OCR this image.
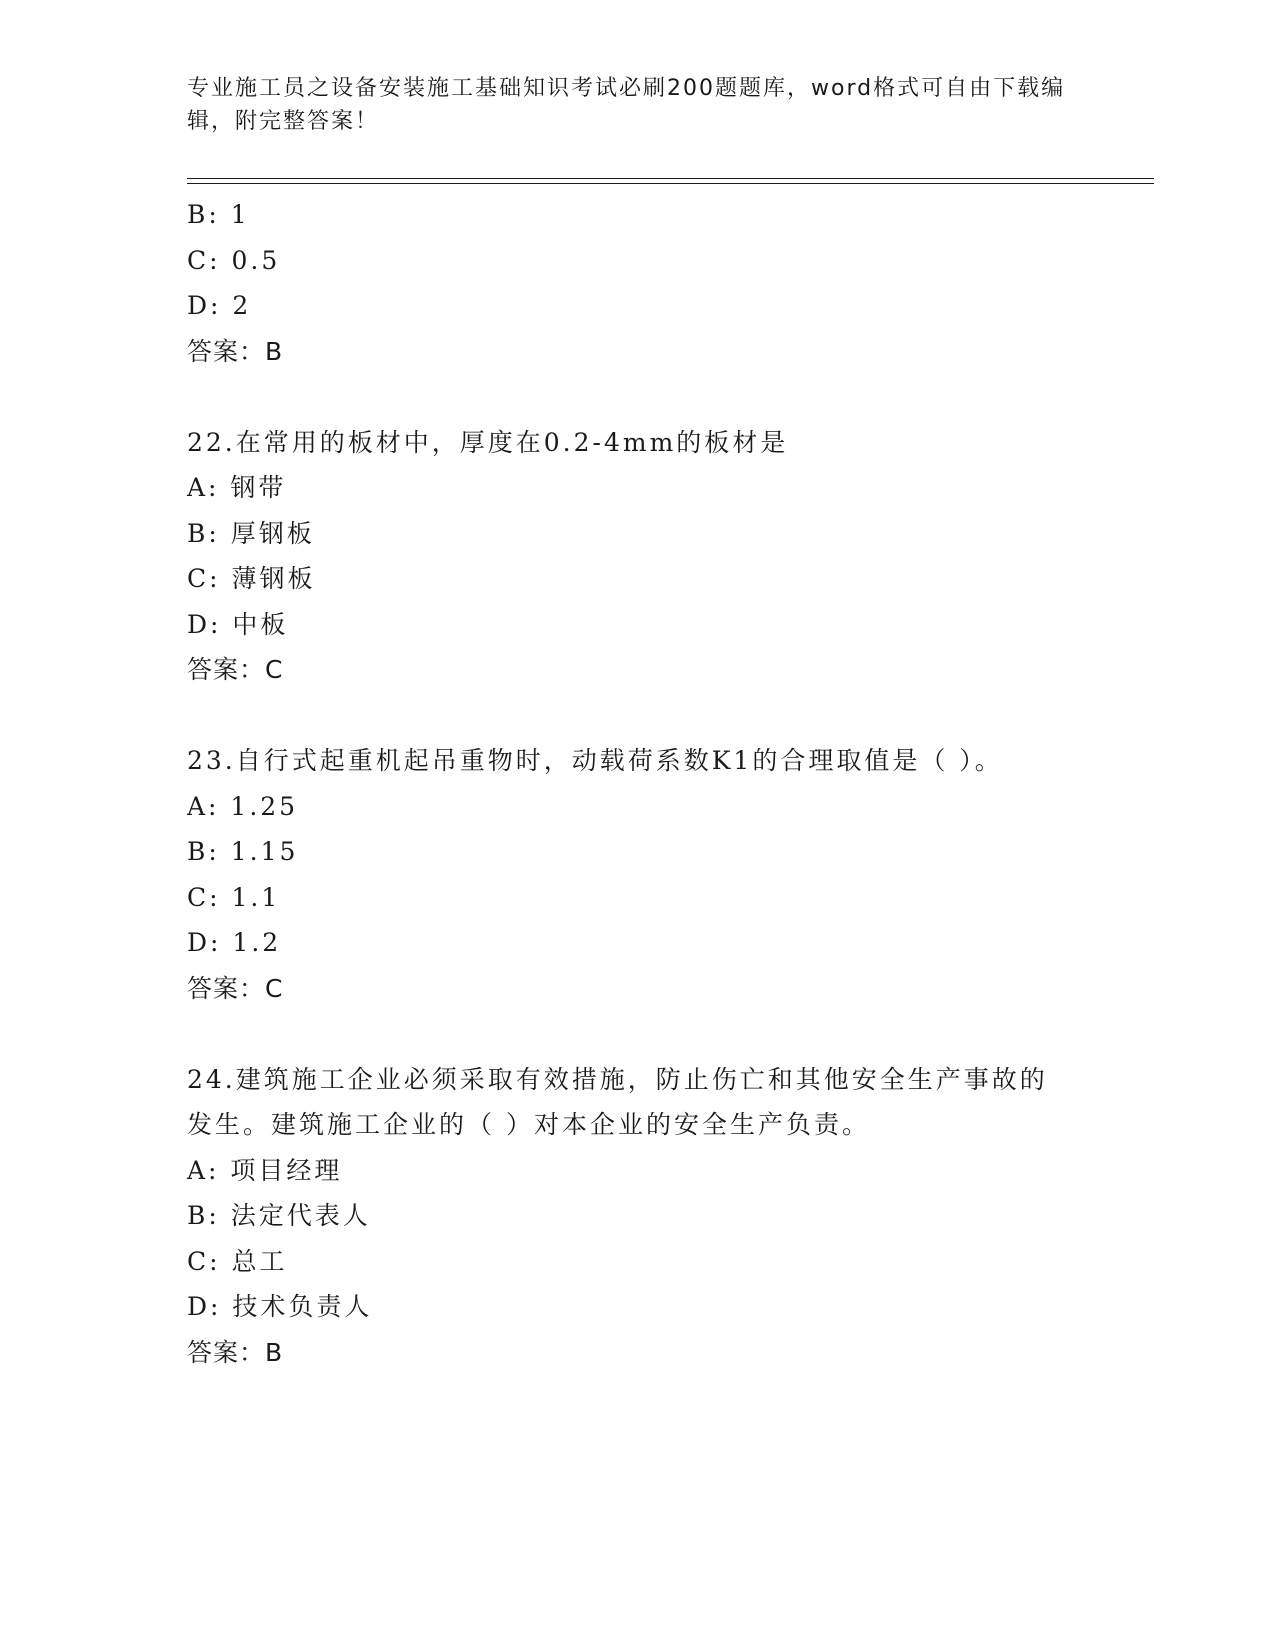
专业施工员之设备安装施工基础知识考试必刷200题题库，word格式可自由下载编辑，附完整答案！
B: 1
C: 0.5
D: 2
答案：B
22.在常用的板材中，厚度在0.2-4mm的板材是
A: 钢带
B: 厚钢板
C: 薄钢板
D: 中板
答案：C
23.自行式起重机起吊重物时，动载荷系数K1的合理取值是（ ）。
A: 1.25
B: 1.15
C: 1.1
D: 1.2
答案：C
24.建筑施工企业必须采取有效措施，防止伤亡和其他安全生产事故的发生。建筑施工企业的（ ）对本企业的安全生产负责。
A: 项目经理
B: 法定代表人
C: 总工
D: 技术负责人
答案：B
